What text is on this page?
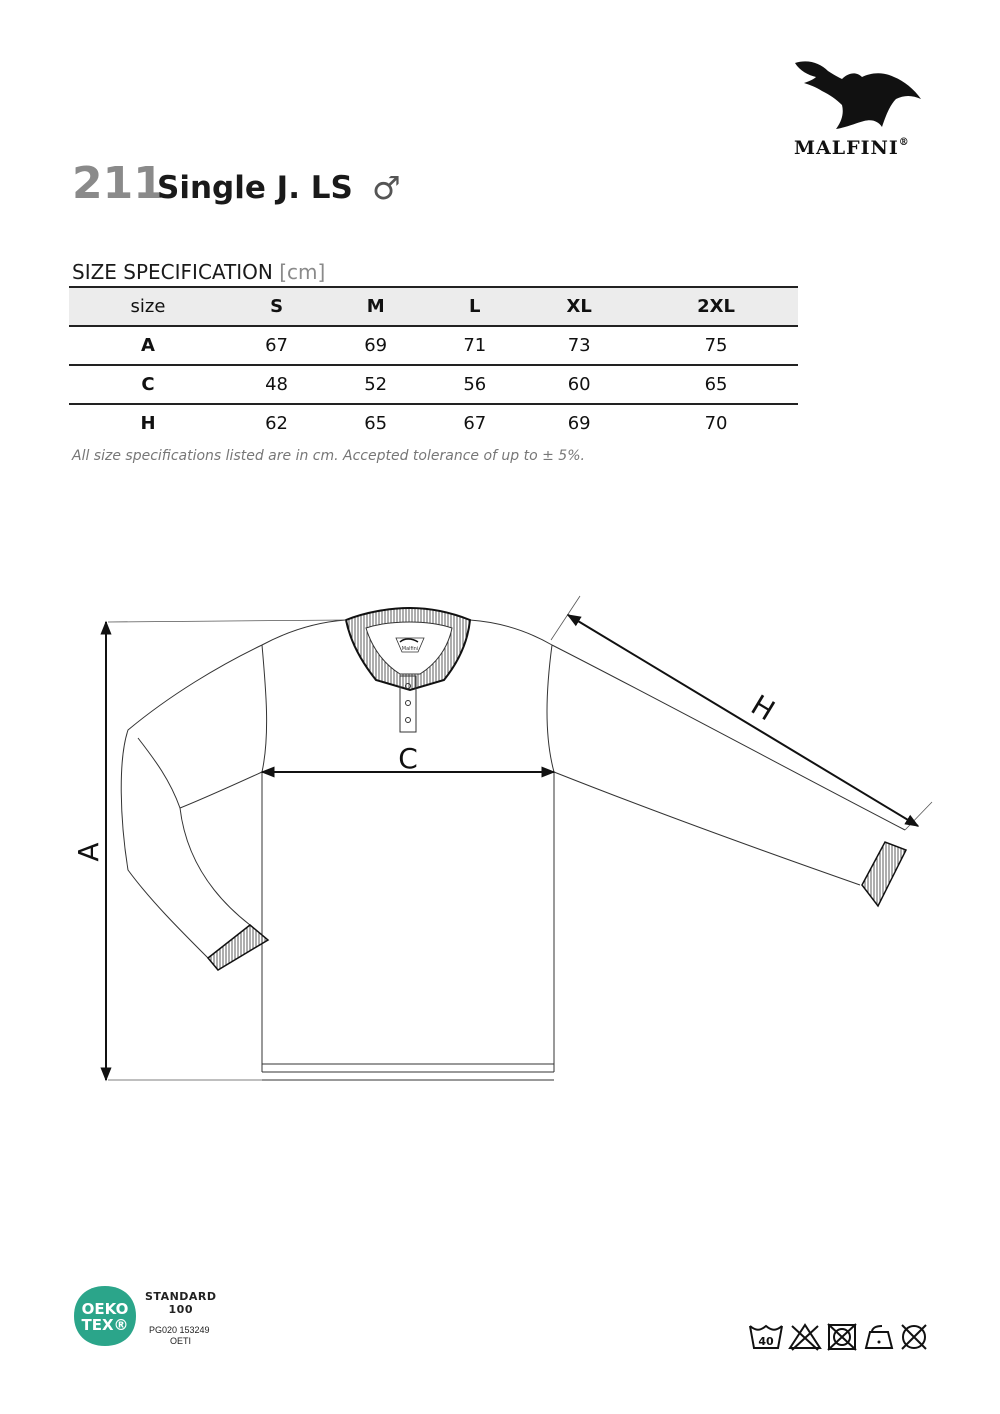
MALFINI®
211
Single J. LS ♂
SIZE SPECIFICATION [cm]
size	S	M	L	XL	2XL
A	67	69	71	73	75
C	48	52	56	60	65
H	62	65	67	69	70
All size specifications listed are in cm. Accepted tolerance of up to ± 5%.
Malfini
A
C
H
OEKO
TEX®
STANDARD
100
PG020 153249
OETI	40
